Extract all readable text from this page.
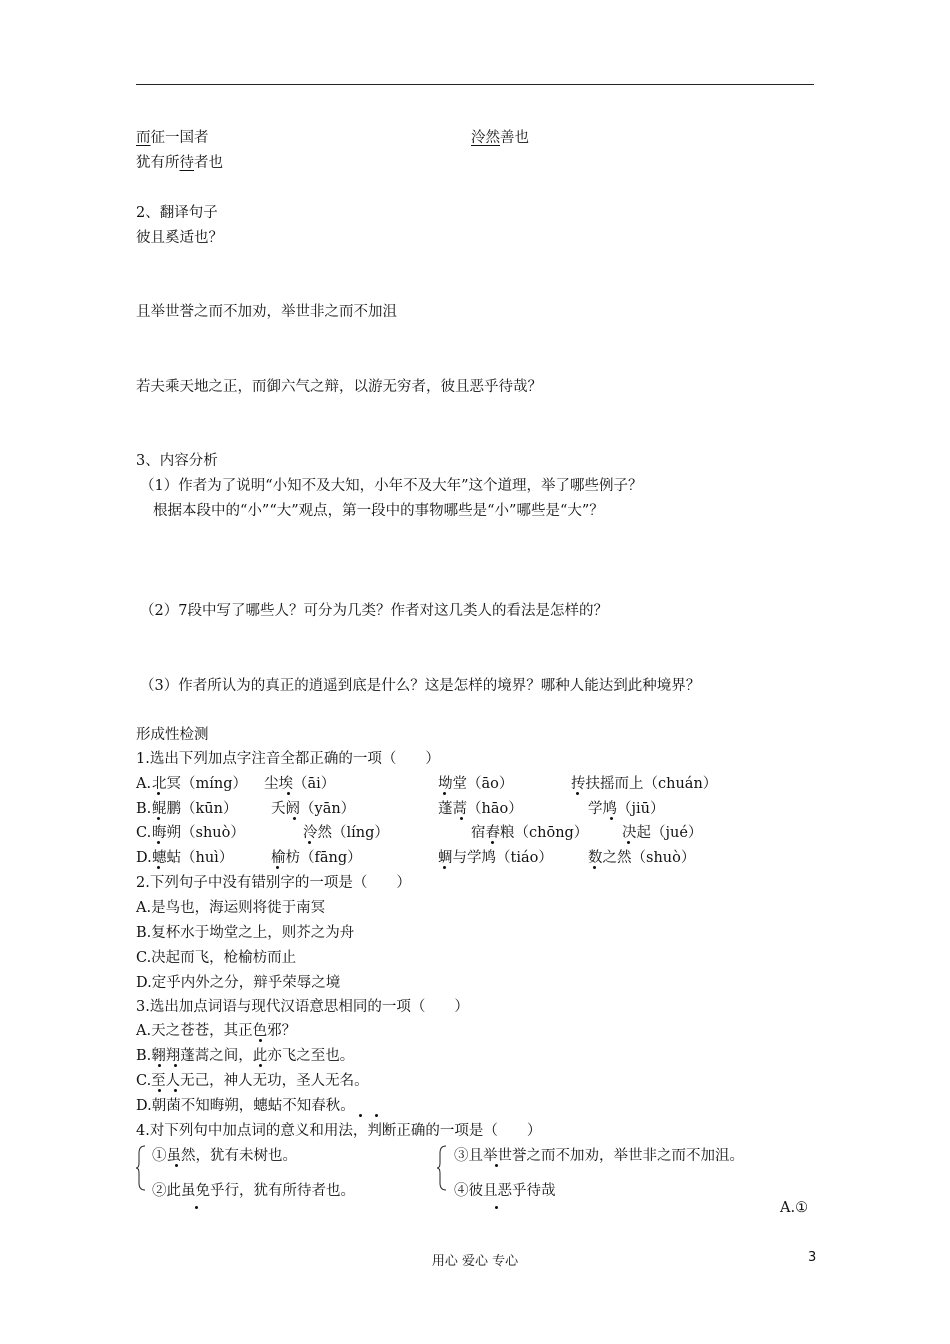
而征一国者	泠然善也
犹有所待者也
2、翻译句子
彼且奚适也？
且举世誉之而不加劝，举世非之而不加沮
若夫乘天地之正，而御六气之辩，以游无穷者，彼且恶乎待哉？
3、内容分析
（1）作者为了说明“小知不及大知，小年不及大年”这个道理，举了哪些例子？
根据本段中的“小”“大”观点，第一段中的事物哪些是“小”哪些是“大”？
（2）7段中写了哪些人？可分为几类？作者对这几类人的看法是怎样的？
（3）作者所认为的真正的逍遥到底是什么？这是怎样的境界？哪种人能达到此种境界？
形成性检测
1.选出下列加点字注音全都正确的一项（　　）
A. 北冥（míng） 尘埃（āi）	坳堂（āo）	抟扶摇而上（chuán）
B. 鲲鹏（kūn） 夭阏（yān）	蓬蒿（hāo）	学鸠（jiū）
C. 晦朔（shuò）	泠然（líng）	宿舂粮（chōng） 决起（jué）
D. 蟪蛄（huì）	榆枋（fāng）	蜩与学鸠（tiáo） 数之然（shuò）
2.下列句子中没有错别字的一项是（　　）
A.是鸟也，海运则将徙于南冥
B.复杯水于坳堂之上，则芥之为舟
C.决起而飞，枪榆枋而止
D.定乎内外之分，辩乎荣辱之境
3.选出加点词语与现代汉语意思相同的一项（　　）
A.天之苍苍，其正色邪？
B.翱翔蓬蒿之间，此亦飞之至也。
C.至人无己，神人无功，圣人无名。
D.朝菌不知晦朔，蟪蛄不知春秋。
4.对下列句中加点词的意义和用法，判断正确的一项是（　　）
①虽然，犹有未树也。
②此虽免乎行，犹有所待者也。
③且举世誉之而不加劝，举世非之而不加沮。
④彼且恶乎待哉
A.①
用心 爱心 专心	3
